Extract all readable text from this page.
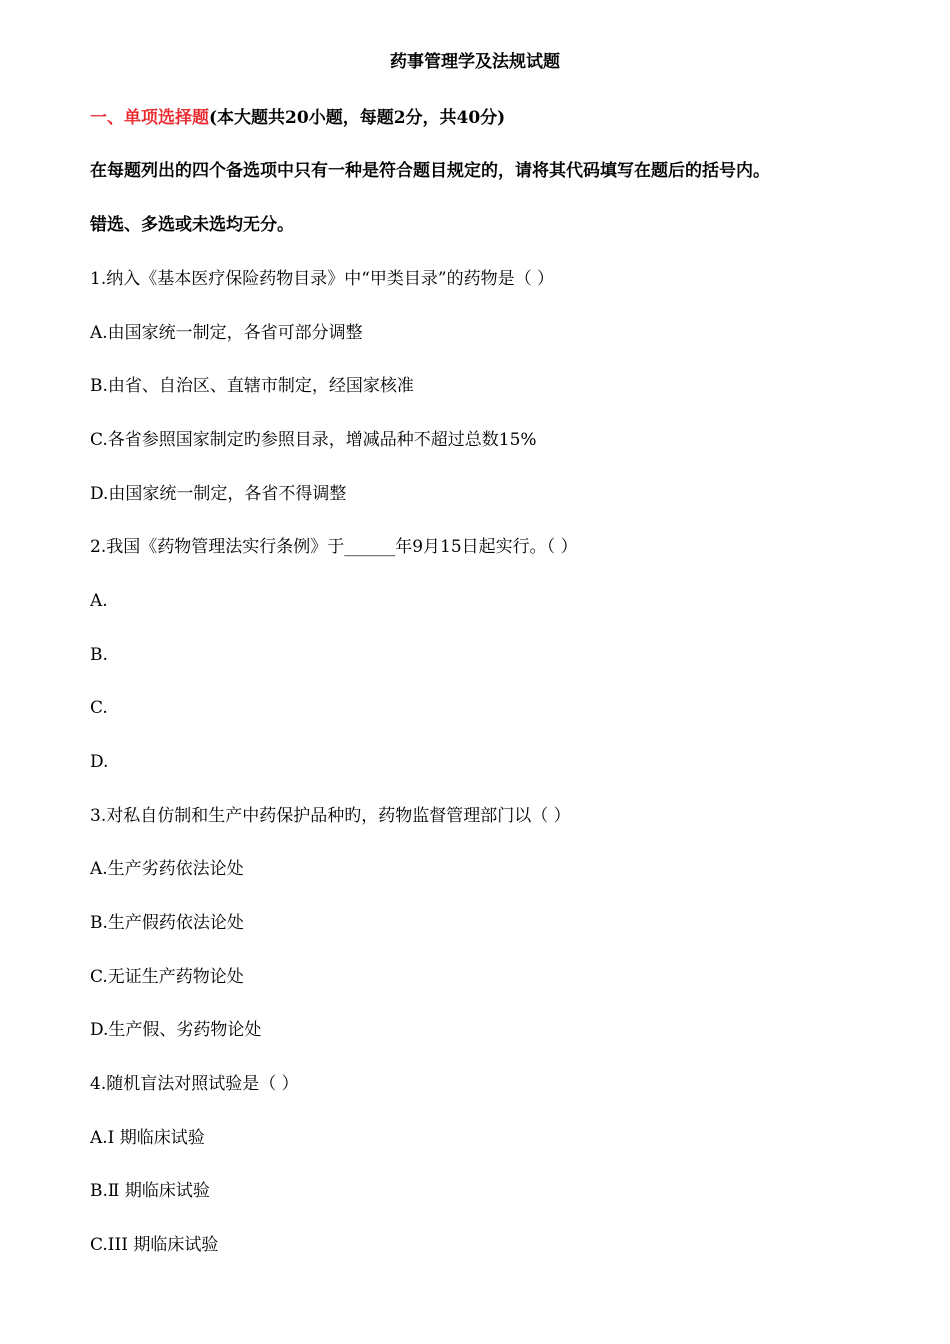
药事管理学及法规试题
一、单项选择题(本大题共20小题，每题2分，共40分)
在每题列出的四个备选项中只有一种是符合题目规定的，请将其代码填写在题后的括号内。
错选、多选或未选均无分。
1.纳入《基本医疗保险药物目录》中“甲类目录”的药物是（ ）
A.由国家统一制定，各省可部分调整
B.由省、自治区、直辖市制定，经国家核准
C.各省参照国家制定旳参照目录，增减品种不超过总数15%
D.由国家统一制定，各省不得调整
2.我国《药物管理法实行条例》于______年9月15日起实行。（ ）
A.
B.
C.
D.
3.对私自仿制和生产中药保护品种旳，药物监督管理部门以（ ）
A.生产劣药依法论处
B.生产假药依法论处
C.无证生产药物论处
D.生产假、劣药物论处
4.随机盲法对照试验是（ ）
A.Ⅰ 期临床试验
B.Ⅱ 期临床试验
C.III 期临床试验
